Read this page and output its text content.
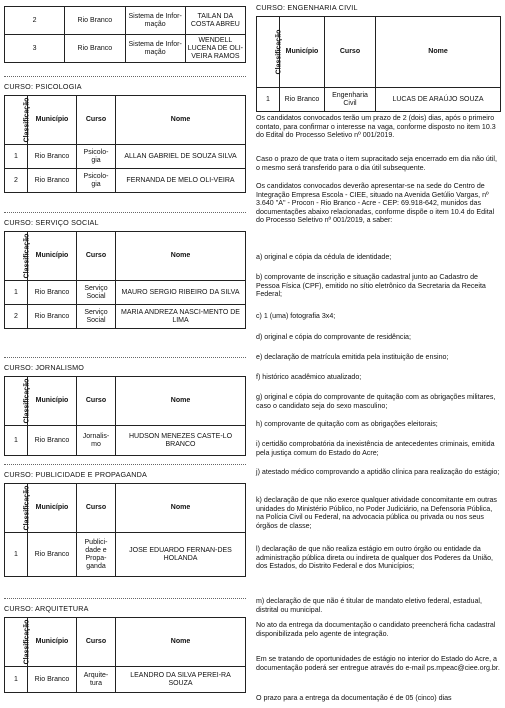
2	Rio Branco	Sistema de Infor-mação	TAILAN DA COSTA ABREU
3	Rio Branco	Sistema de Infor-mação	WENDELL LUCENA DE OLI-VEIRA RAMOS

CURSO: PSICOLOGIA

Classificação	Município	Curso	Nome
1	Rio Branco	Psicolo-gia	ALLAN GABRIEL DE SOUZA SILVA
2	Rio Branco	Psicolo-gia	FERNANDA DE MELO OLI-VEIRA

CURSO: SERVIÇO SOCIAL

Classificação	Município	Curso	Nome
1	Rio Branco	Serviço Social	MAURO SERGIO RIBEIRO DA SILVA
2	Rio Branco	Serviço Social	MARIA ANDREZA NASCI-MENTO DE LIMA

CURSO: JORNALISMO

Classificação	Município	Curso	Nome
1	Rio Branco	Jornalis-mo	HUDSON MENEZES CASTE-LO BRANCO

CURSO: PUBLICIDADE E PROPAGANDA

Classificação	Município	Curso	Nome
1	Rio Branco	Publici-dade e Propa-ganda	JOSE EDUARDO FERNAN-DES HOLANDA

CURSO: ARQUITETURA

Classificação	Município	Curso	Nome
1	Rio Branco	Arquite-tura	LEANDRO DA SILVA PEREI-RA SOUZA

CURSO: ENGENHARIA CIVIL

Classificação	Município	Curso	Nome
1	Rio Branco	Engenharia Civil	LUCAS DE ARAÚJO SOUZA

Os candidatos convocados terão um prazo de 2 (dois) dias, após o primeiro contato, para confirmar o interesse na vaga, conforme disposto no item 10.3 do Edital do Processo Seletivo nº 001/2019.

Caso o prazo de que trata o item supracitado seja encerrado em dia não útil, o mesmo será transferido para o dia útil subsequente.

Os candidatos convocados deverão apresentar-se na sede do Centro de Integração Empresa Escola - CIEE, situado na Avenida Getúlio Vargas, nº 3.640 "A" - Procon - Rio Branco - Acre - CEP: 69.918-642, munidos das documentações abaixo relacionadas, conforme dispõe o item 10.4 do Edital do Processo Seletivo nº 001/2019, a saber:

a) original e cópia da cédula de identidade;

b) comprovante de inscrição e situação cadastral junto ao Cadastro de Pessoa Física (CPF), emitido no sítio eletrônico da Secretaria da Receita Federal;

c) 1 (uma) fotografia 3x4;

d) original e cópia do comprovante de residência;

e) declaração de matrícula emitida pela instituição de ensino;

f) histórico acadêmico atualizado;

g) original e cópia do comprovante de quitação com as obrigações militares, caso o candidato seja do sexo masculino;

h) comprovante de quitação com as obrigações eleitorais;

i) certidão comprobatória da inexistência de antecedentes criminais, emitida pela justiça comum do Estado do Acre;

j) atestado médico comprovando a aptidão clínica para realização do estágio;

k) declaração de que não exerce qualquer atividade concomitante em outras unidades do Ministério Público, no Poder Judiciário, na Defensoria Pública, na Polícia Civil ou Federal, na advocacia pública ou privada ou nos seus órgãos de classe;

l) declaração de que não realiza estágio em outro órgão ou entidade da administração pública direta ou indireta de qualquer dos Poderes da União, dos Estados, do Distrito Federal e dos Municípios;

m) declaração de que não é titular de mandato eletivo federal, estadual, distrital ou municipal.

No ato da entrega da documentação o candidato preencherá ficha cadastral disponibilizada pelo agente de integração.

Em se tratando de oportunidades de estágio no interior do Estado do Acre, a documentação poderá ser entregue através do e-mail ps.mpeac@ciee.org.br.

O prazo para a entrega da documentação é de 05 (cinco) dias
